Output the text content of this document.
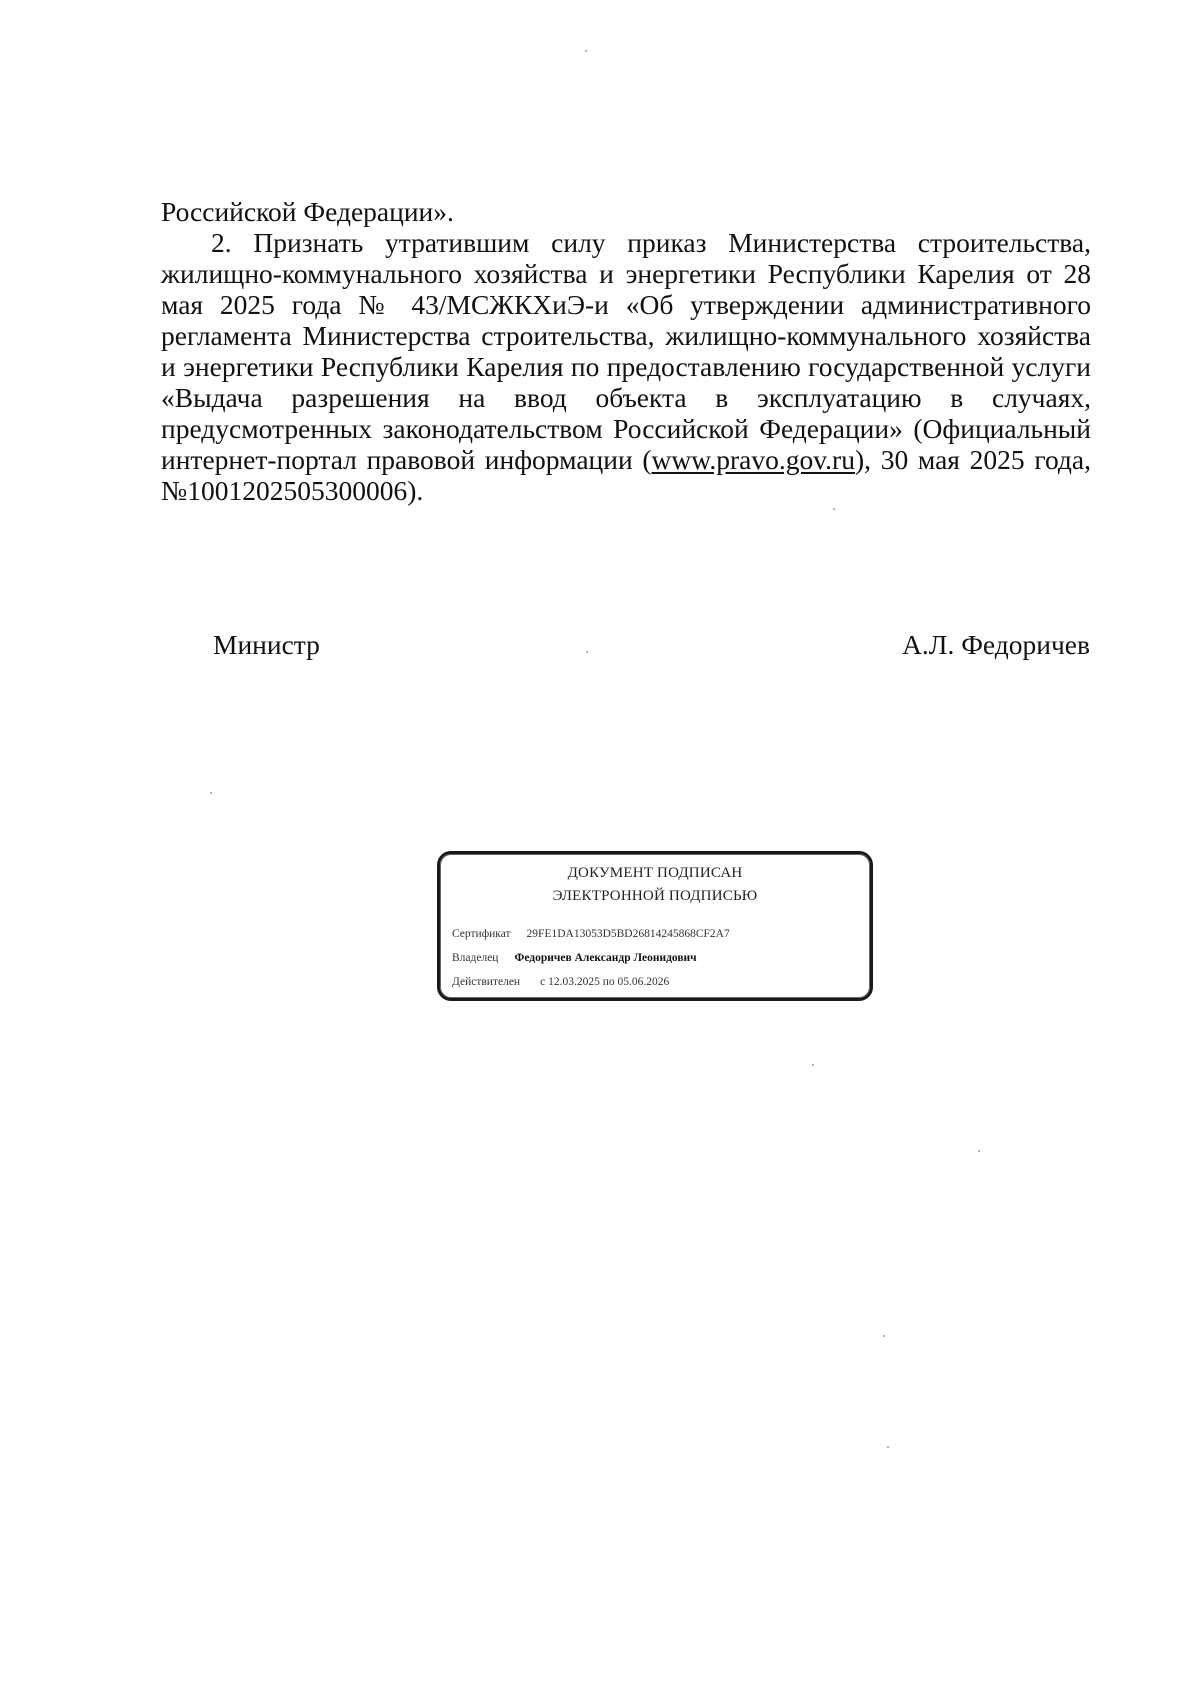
Российской Федерации».

2. Признать утратившим силу приказ Министерства строительства, жилищно-коммунального хозяйства и энергетики Республики Карелия от 28 мая 2025 года № 43/МСЖКХиЭ-и «Об утверждении административного регламента Министерства строительства, жилищно-коммунального хозяйства и энергетики Республики Карелия по предоставлению государственной услуги «Выдача разрешения на ввод объекта в эксплуатацию в случаях, предусмотренных законодательством Российской Федерации» (Официальный интернет-портал правовой информации (www.pravo.gov.ru), 30 мая 2025 года, №1001202505300006).

Министр	А.Л. Федоричев
ДОКУМЕНТ ПОДПИСАН
ЭЛЕКТРОННОЙ ПОДПИСЬЮ
Сертификат 29FE1DA13053D5BD26814245868CF2A7
Владелец Федоричев Александр Леонидович
Действителен с 12.03.2025 по 05.06.2026
